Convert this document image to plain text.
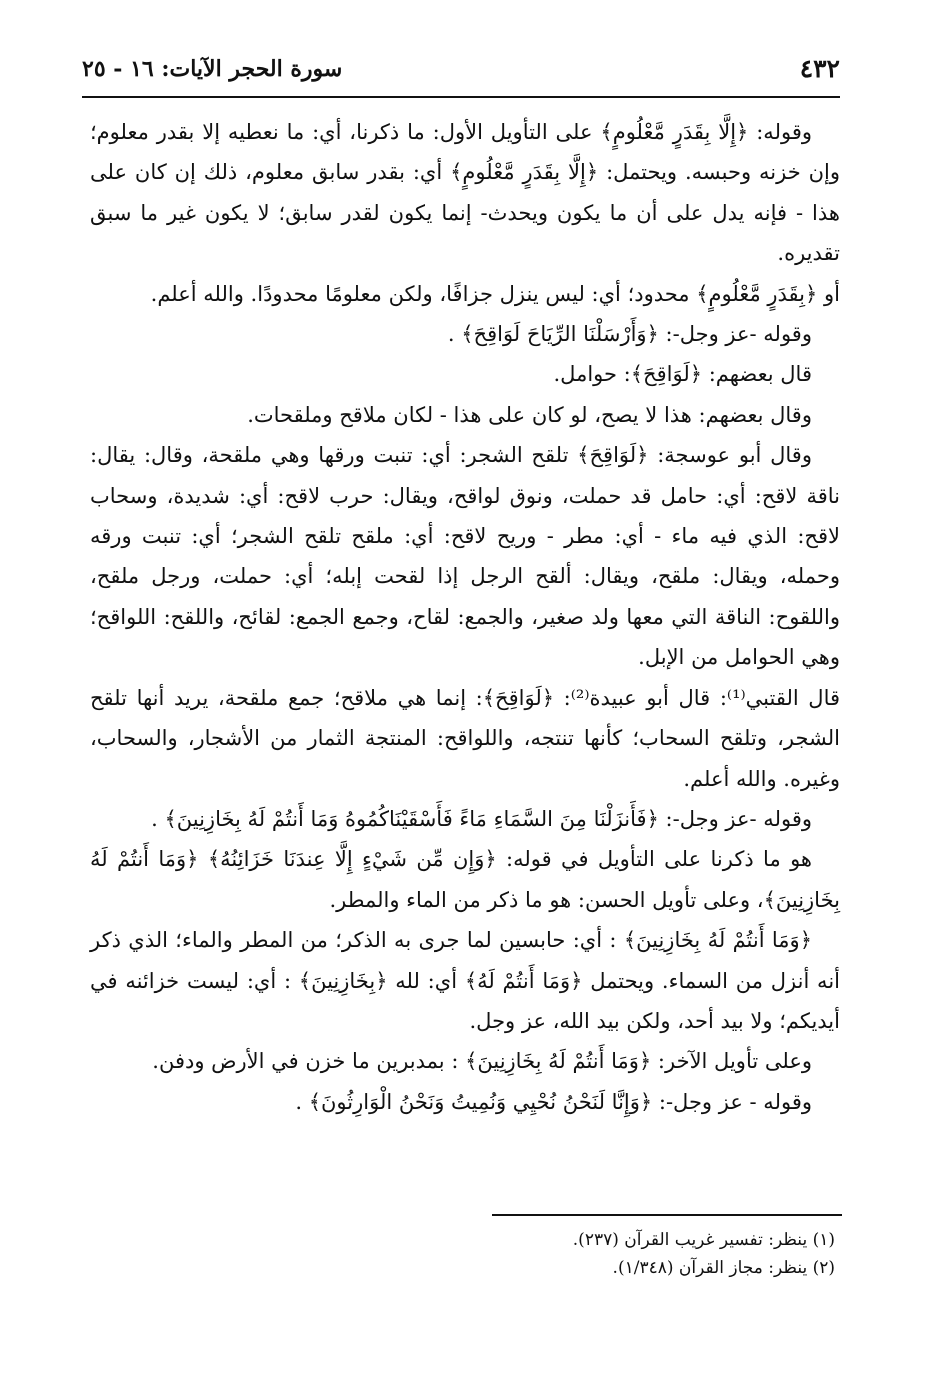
٤٣٢
سورة الحجر الآيات: ١٦ - ٢٥

وقوله: ﴿إِلَّا بِقَدَرٍ مَّعْلُومٍ﴾ على التأويل الأول: ما ذكرنا، أي: ما نعطيه إلا بقدر معلوم؛ وإن خزنه وحبسه. ويحتمل: ﴿إِلَّا بِقَدَرٍ مَّعْلُومٍ﴾ أي: بقدر سابق معلوم، ذلك إن كان على هذا - فإنه يدل على أن ما يكون ويحدث- إنما يكون لقدر سابق؛ لا يكون غير ما سبق تقديره.

أو ﴿بِقَدَرٍ مَّعْلُومٍ﴾ محدود؛ أي: ليس ينزل جزافًا، ولكن معلومًا محدودًا. والله أعلم.

وقوله -عز وجل-: ﴿وَأَرْسَلْنَا الرِّيَاحَ لَوَاقِحَ﴾ .

قال بعضهم: ﴿لَوَاقِحَ﴾: حوامل.

وقال بعضهم: هذا لا يصح، لو كان على هذا - لكان ملاقح وملقحات.

وقال أبو عوسجة: ﴿لَوَاقِحَ﴾ تلقح الشجر: أي: تنبت ورقها وهي ملقحة، وقال: يقال: ناقة لاقح: أي: حامل قد حملت، ونوق لواقح، ويقال: حرب لاقح: أي: شديدة، وسحاب لاقح: الذي فيه ماء - أي: مطر - وريح لاقح: أي: ملقح تلقح الشجر؛ أي: تنبت ورقه وحمله، ويقال: ملقح، ويقال: ألقح الرجل إذا لقحت إبله؛ أي: حملت، ورجل ملقح، واللقوح: الناقة التي معها ولد صغير، والجمع: لقاح، وجمع الجمع: لقائح، واللقح: اللواقح؛ وهي الحوامل من الإبل.

قال القتبي⁽¹⁾: قال أبو عبيدة⁽²⁾: ﴿لَوَاقِحَ﴾: إنما هي ملاقح؛ جمع ملقحة، يريد أنها تلقح الشجر، وتلقح السحاب؛ كأنها تنتجه، واللواقح: المنتجة الثمار من الأشجار، والسحاب، وغيره. والله أعلم.

وقوله -عز وجل-: ﴿فَأَنزَلْنَا مِنَ السَّمَاءِ مَاءً فَأَسْقَيْنَاكُمُوهُ وَمَا أَنتُمْ لَهُ بِخَازِنِينَ﴾ .

هو ما ذكرنا على التأويل في قوله: ﴿وَإِن مِّن شَيْءٍ إِلَّا عِندَنَا خَزَائِنُهُ﴾ ﴿وَمَا أَنتُمْ لَهُ بِخَازِنِينَ﴾، وعلى تأويل الحسن: هو ما ذكر من الماء والمطر.

﴿وَمَا أَنتُمْ لَهُ بِخَازِنِينَ﴾ : أي: حابسين لما جرى به الذكر؛ من المطر والماء؛ الذي ذكر أنه أنزل من السماء. ويحتمل ﴿وَمَا أَنتُمْ لَهُ﴾ أي: لله ﴿بِخَازِنِينَ﴾ : أي: ليست خزائنه في أيديكم؛ ولا بيد أحد، ولكن بيد الله، عز وجل.

وعلى تأويل الآخر: ﴿وَمَا أَنتُمْ لَهُ بِخَازِنِينَ﴾ : بمدبرين ما خزن في الأرض ودفن.

وقوله - عز وجل-: ﴿وَإِنَّا لَنَحْنُ نُحْيِي وَنُمِيتُ وَنَحْنُ الْوَارِثُونَ﴾ .

(١) ينظر: تفسير غريب القرآن (٢٣٧).
(٢) ينظر: مجاز القرآن (١/٣٤٨).
